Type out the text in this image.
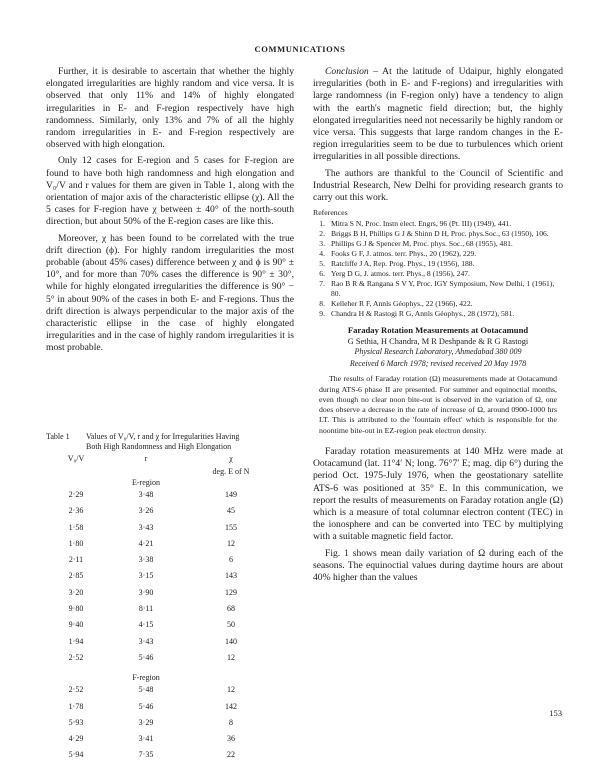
COMMUNICATIONS

Further, it is desirable to ascertain that whether the highly elongated irregularities are highly random and vice versa. It is observed that only 11% and 14% of highly elongated irregularities in E- and F-region respectively have high randomness. Similarly, only 13% and 7% of all the highly random irregularities in E- and F-region respectively are observed with high elongation.

Only 12 cases for E-region and 5 cases for F-region are found to have both high randomness and high elongation and V₀/V and r values for them are given in Table 1, along with the orientation of major axis of the characteristic ellipse (χ). All the 5 cases for F-region have χ between ± 40° of the north-south direction, but about 50% of the E-region cases are like this.

Moreover, χ has been found to be correlated with the true drift direction (ϕ). For highly random irregularities the most probable (about 45% cases) difference between χ and ϕ is 90° ± 10°, and for more than 70% cases the difference is 90° ± 30°, while for highly elongated irregularities the difference is 90° − 5° in about 90% of the cases in both E- and F-regions. Thus the drift direction is always perpendicular to the major axis of the characteristic ellipse in the case of highly elongated irregularities and in the case of highly random irregularities it is most probable.

Table 1 Values of V₀/V, r and χ for Irregularities Having
Both High Randomness and High Elongation
V₀/V	r	χ
deg. E of N
E-region
2·29	3·48	149
2·36	3·26	45
1·58	3·43	155
1·80	4·21	12
2·11	3·38	6
2·85	3·15	143
3·20	3·90	129
9·80	8·11	68
9·40	4·15	50
1·94	3·43	140
2·52	5·46	12
F-region
2·52	5·48	12
1·78	5·46	142
5·93	3·29	8
4·29	3·41	36
5·94	7·35	22

Conclusion – At the latitude of Udaipur, highly elongated irregularities (both in E- and F-regions) and irregularities with large randomness (in F-region only) have a tendency to align with the earth's magnetic field direction; but, the highly elongated irregularities need not necessarily be highly random or vice versa. This suggests that large random changes in the E-region irregularities seem to be due to turbulences which orient irregularities in all possible directions.

The authors are thankful to the Council of Scientific and Industrial Research, New Delhi for providing research grants to carry out this work.

References
1. Mitra S N, Proc. Instn elect. Engrs, 96 (Pt. III) (1949), 441.
2. Briggs B H, Phillips G J & Shinn D H, Proc. phys.Soc., 63 (1950), 106.
3. Phillips G J & Spencer M, Proc. phys. Soc., 68 (1955), 481.
4. Fooks G F, J. atmos. terr. Phys., 20 (1962), 229.
5. Ratcliffe J A, Rep. Prog. Phys., 19 (1956), 188.
6. Yerg D G, J. atmos. terr. Phys., 8 (1956), 247.
7. Rao B R & Rangana S V Y, Proc. IGY Symposium, New Delhi, 1 (1961), 80.
8. Kelleher R F, Annls Géophys., 22 (1966), 422.
9. Chandra H & Rastogi R G, Annls Géophys., 28 (1972), 581.
Faraday Rotation Measurements at Ootacamund
G Sethia, H Chandra, M R Deshpande & R G Rastogi
Physical Research Laboratory, Ahmedabad 380 009
Received 6 March 1978; revised received 20 May 1978

The results of Faraday rotation (Ω) measurements made at Ootacamund during ATS-6 phase II are presented. For summer and equinoctial months, even though no clear noon bite-out is observed in the variation of Ω, one does observe a decrease in the rate of increase of Ω, around 0900-1000 hrs LT. This is attributed to the 'fountain effect' which is responsible for the noontime bite-out in EZ-region peak electron density.

Faraday rotation measurements at 140 MHz were made at Ootacamund (lat. 11°4′ N; long. 76°7′ E; mag. dip 6°) during the period Oct. 1975-July 1976, when the geostationary satellite ATS-6 was positioned at 35° E. In this communication, we report the results of measurements on Faraday rotation angle (Ω) which is a measure of total columnar electron content (TEC) in the ionosphere and can be converted into TEC by multiplying with a suitable magnetic field factor.

Fig. 1 shows mean daily variation of Ω during each of the seasons. The equinoctial values during daytime hours are about 40% higher than the values

153
